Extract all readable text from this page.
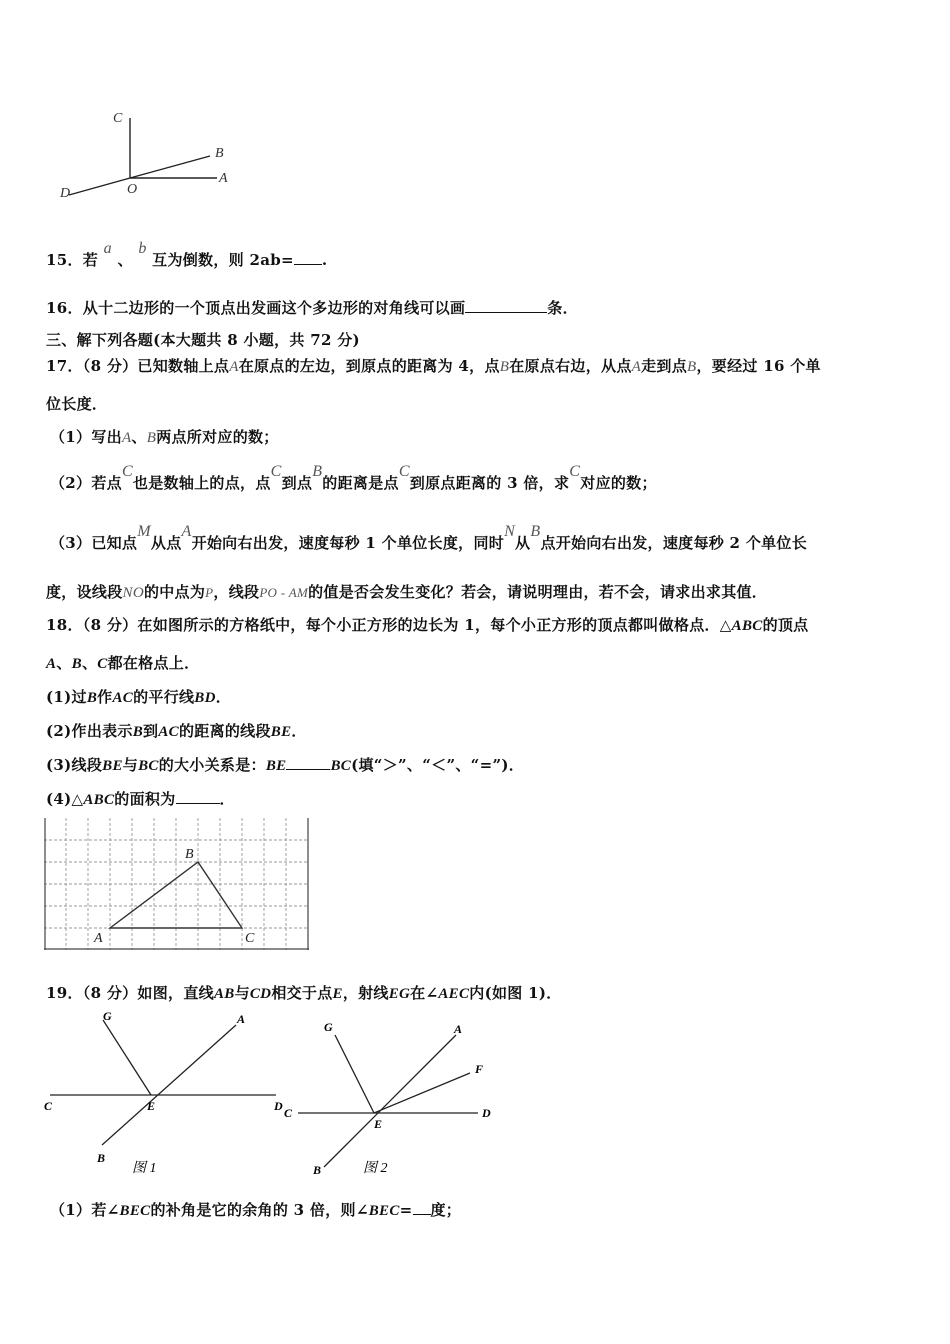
C
B
A
O
D
15．若 a 、 b 互为倒数，则 2ab= .
16．从十二边形的一个顶点出发画这个多边形的对角线可以画	条．
三、解下列各题(本大题共 8 小题，共 72 分)
17．（8 分）已知数轴上点A在原点的左边，到原点的距离为 4，点B在原点右边，从点A走到点B，要经过 16 个单
位长度．
（1）写出A、B两点所对应的数；
（2）若点C也是数轴上的点，点C到点B的距离是点C到原点距离的 3 倍，求C对应的数；
（3）已知点M从点A开始向右出发，速度每秒 1 个单位长度，同时N从B点开始向右出发，速度每秒 2 个单位长
度，设线段NO的中点为P，线段PO - AM的值是否会发生变化？若会，请说明理由，若不会，请求出求其值．
18．（8 分）在如图所示的方格纸中，每个小正方形的边长为 1，每个小正方形的顶点都叫做格点．△ABC的顶点
A、B、C都在格点上．
(1)过B作AC的平行线BD．
(2)作出表示B到AC的距离的线段BE．
(3)线段BE与BC的大小关系是：BE	BC(填“＞”、“＜”、“=”)．
(4)△ABC的面积为	．
A
B
C
19．（8 分）如图，直线AB与CD相交于点E，射线EG在∠AEC内(如图 1)．
G	A
C	E	D
B
图 1
G	A
F
C
E
D
B	图 2
（1）若∠BEC的补角是它的余角的 3 倍，则∠BEC= 度；
